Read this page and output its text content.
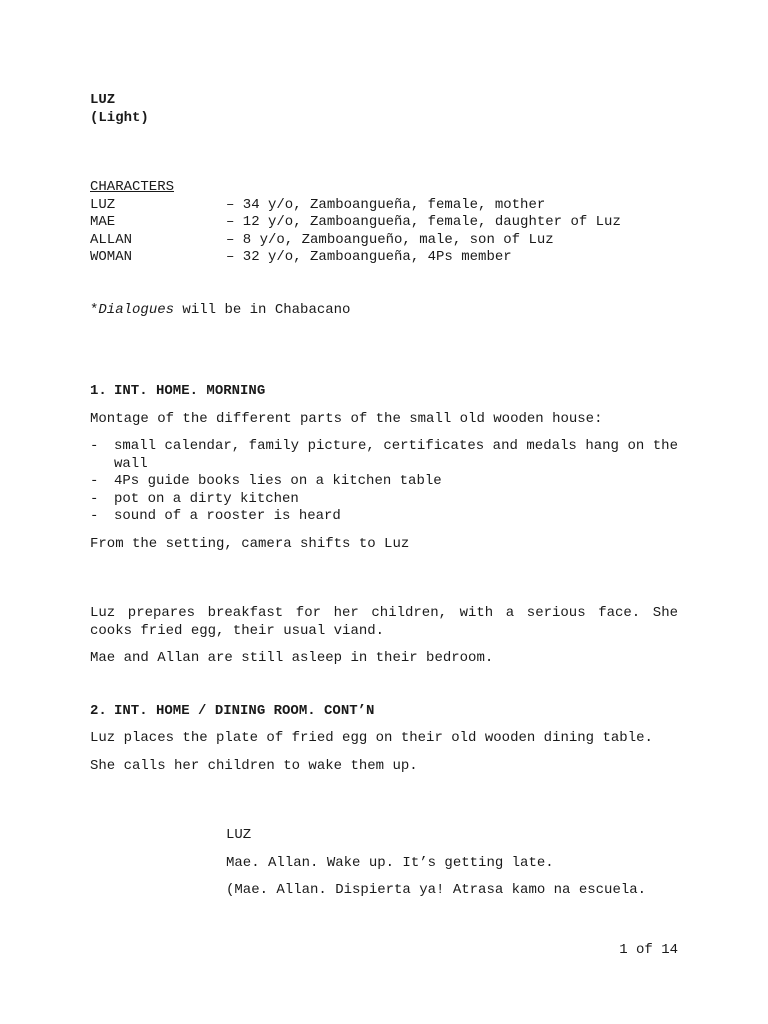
LUZ
(Light)
CHARACTERS
LUZ	– 34 y/o, Zamboangueña, female, mother
MAE	– 12 y/o, Zamboangueña, female, daughter of Luz
ALLAN	– 8 y/o, Zamboangueño, male, son of Luz
WOMAN	– 32 y/o, Zamboangueña, 4Ps member
*Dialogues will be in Chabacano
1. INT. HOME. MORNING
Montage of the different parts of the small old wooden house:
-	small calendar, family picture, certificates and medals hang on the wall
-	4Ps guide books lies on a kitchen table
-	pot on a dirty kitchen
-	sound of a rooster is heard
From the setting, camera shifts to Luz
Luz prepares breakfast for her children, with a serious face. She cooks fried egg, their usual viand.
Mae and Allan are still asleep in their bedroom.
2. INT. HOME / DINING ROOM. CONT’N
Luz places the plate of fried egg on their old wooden dining table.
She calls her children to wake them up.
LUZ
Mae. Allan. Wake up. It’s getting late.
(Mae. Allan. Dispierta ya! Atrasa kamo na escuela.
1 of 14
